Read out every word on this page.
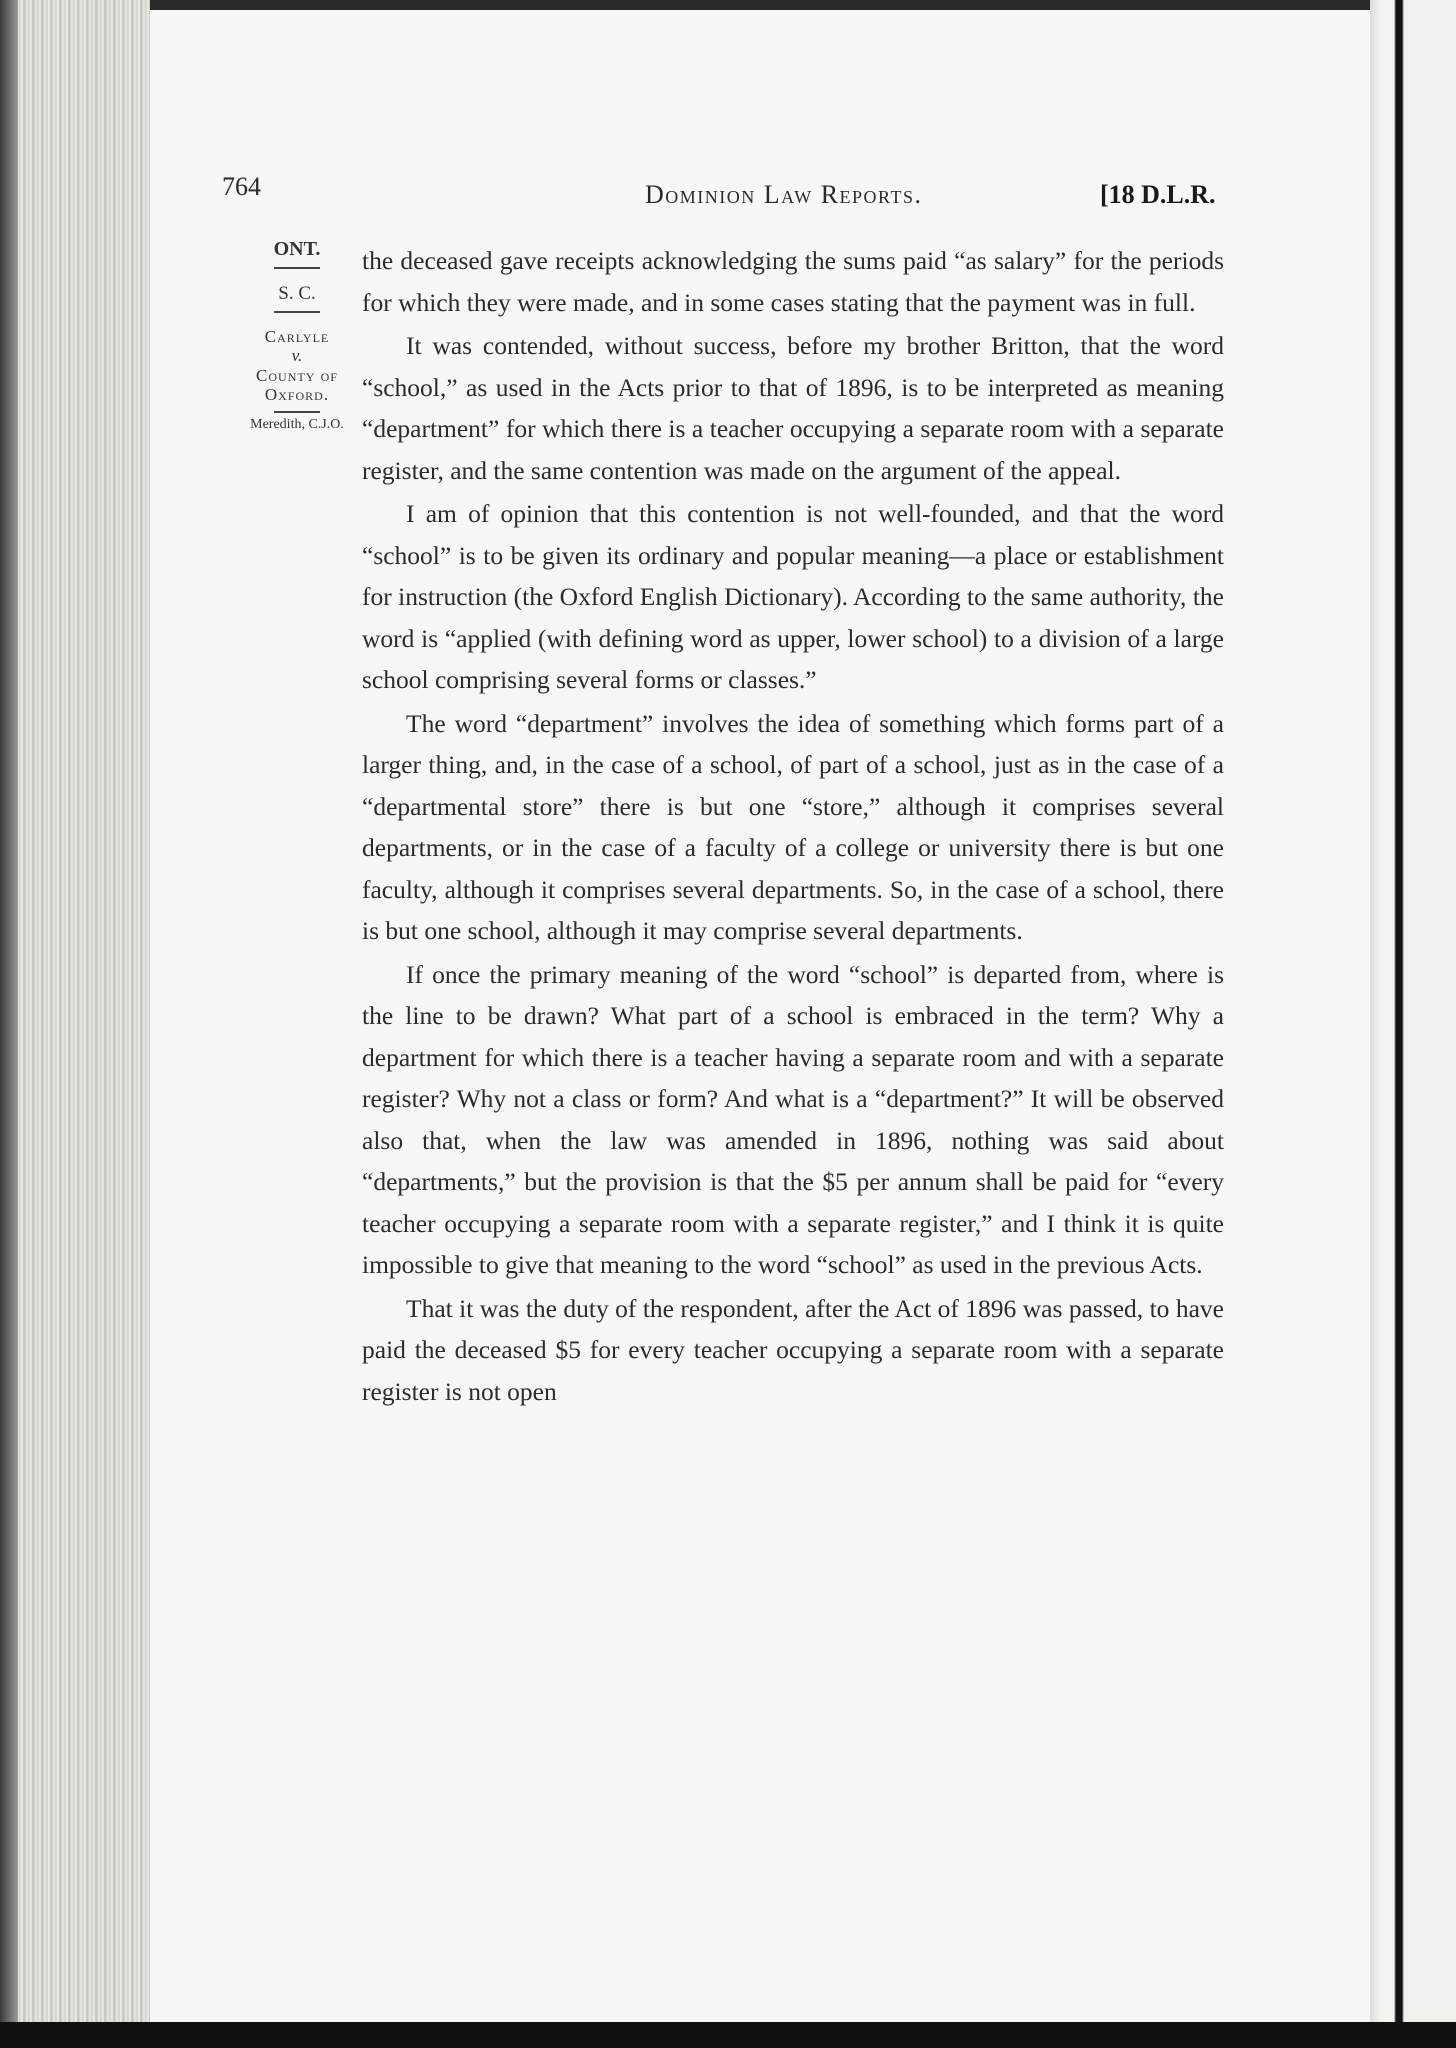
764	Dominion Law Reports.	[18 D.L.R.
ONT.
S. C.
Carlyle
v.
County of Oxford.
Meredith, C.J.O.

the deceased gave receipts acknowledging the sums paid “as salary” for the periods for which they were made, and in some cases stating that the payment was in full.

It was contended, without success, before my brother Britton, that the word “school,” as used in the Acts prior to that of 1896, is to be interpreted as meaning “department” for which there is a teacher occupying a separate room with a separate register, and the same contention was made on the argument of the appeal.

I am of opinion that this contention is not well-founded, and that the word “school” is to be given its ordinary and popular meaning—a place or establishment for instruction (the Oxford English Dictionary). According to the same authority, the word is “applied (with defining word as upper, lower school) to a division of a large school comprising several forms or classes.”

The word “department” involves the idea of something which forms part of a larger thing, and, in the case of a school, of part of a school, just as in the case of a “departmental store” there is but one “store,” although it comprises several departments, or in the case of a faculty of a college or university there is but one faculty, although it comprises several departments. So, in the case of a school, there is but one school, although it may comprise several departments.

If once the primary meaning of the word “school” is departed from, where is the line to be drawn? What part of a school is embraced in the term? Why a department for which there is a teacher having a separate room and with a separate register? Why not a class or form? And what is a “department?” It will be observed also that, when the law was amended in 1896, nothing was said about “departments,” but the provision is that the $5 per annum shall be paid for “every teacher occupying a separate room with a separate register,” and I think it is quite impossible to give that meaning to the word “school” as used in the previous Acts.

That it was the duty of the respondent, after the Act of 1896 was passed, to have paid the deceased $5 for every teacher occupying a separate room with a separate register is not open
